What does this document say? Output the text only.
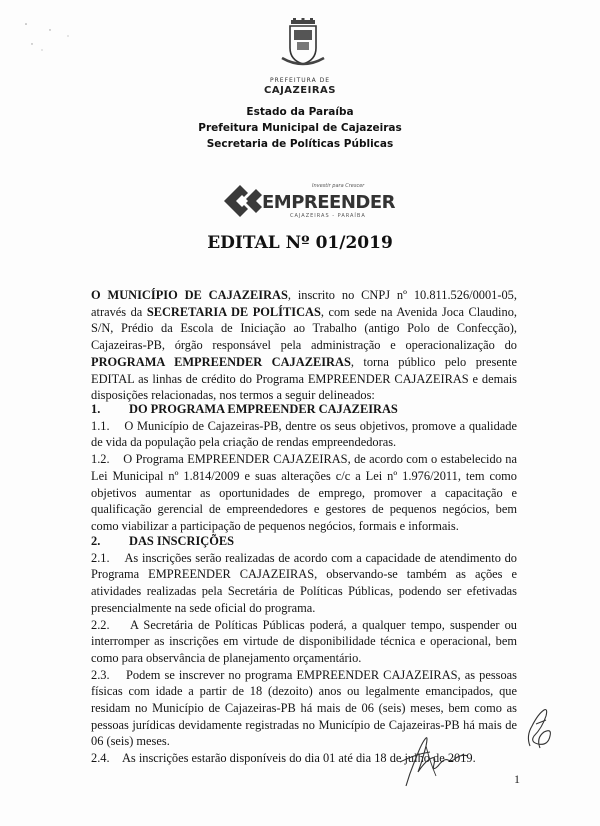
PREFEITURA DE
CAJAZEIRAS
Estado da Paraíba
Prefeitura Municipal de Cajazeiras
Secretaria de Políticas Públicas
Investir para Crescer
EMPREENDER
CAJAZEIRAS - PARAÍBA
EDITAL Nº 01/2019

O MUNICÍPIO DE CAJAZEIRAS, inscrito no CNPJ nº 10.811.526/0001-05, através da SECRETARIA DE POLÍTICAS, com sede na Avenida Joca Claudino, S/N, Prédio da Escola de Iniciação ao Trabalho (antigo Polo de Confecção), Cajazeiras-PB, órgão responsável pela administração e operacionalização do PROGRAMA EMPREENDER CAJAZEIRAS, torna público pelo presente EDITAL as linhas de crédito do Programa EMPREENDER CAJAZEIRAS e demais disposições relacionadas, nos termos a seguir delineados:

1. DO PROGRAMA EMPREENDER CAJAZEIRAS

1.1. O Município de Cajazeiras-PB, dentre os seus objetivos, promove a qualidade de vida da população pela criação de rendas empreendedoras.

1.2. O Programa EMPREENDER CAJAZEIRAS, de acordo com o estabelecido na Lei Municipal nº 1.814/2009 e suas alterações c/c a Lei nº 1.976/2011, tem como objetivos aumentar as oportunidades de emprego, promover a capacitação e qualificação gerencial de empreendedores e gestores de pequenos negócios, bem como viabilizar a participação de pequenos negócios, formais e informais.

2. DAS INSCRIÇÕES

2.1. As inscrições serão realizadas de acordo com a capacidade de atendimento do Programa EMPREENDER CAJAZEIRAS, observando-se também as ações e atividades realizadas pela Secretária de Políticas Públicas, podendo ser efetivadas presencialmente na sede oficial do programa.

2.2. A Secretária de Políticas Públicas poderá, a qualquer tempo, suspender ou interromper as inscrições em virtude de disponibilidade técnica e operacional, bem como para observância de planejamento orçamentário.

2.3. Podem se inscrever no programa EMPREENDER CAJAZEIRAS, as pessoas físicas com idade a partir de 18 (dezoito) anos ou legalmente emancipados, que residam no Município de Cajazeiras-PB há mais de 06 (seis) meses, bem como as pessoas jurídicas devidamente registradas no Município de Cajazeiras-PB há mais de 06 (seis) meses.

2.4. As inscrições estarão disponíveis do dia 01 até dia 18 de julho de 2019.

1
